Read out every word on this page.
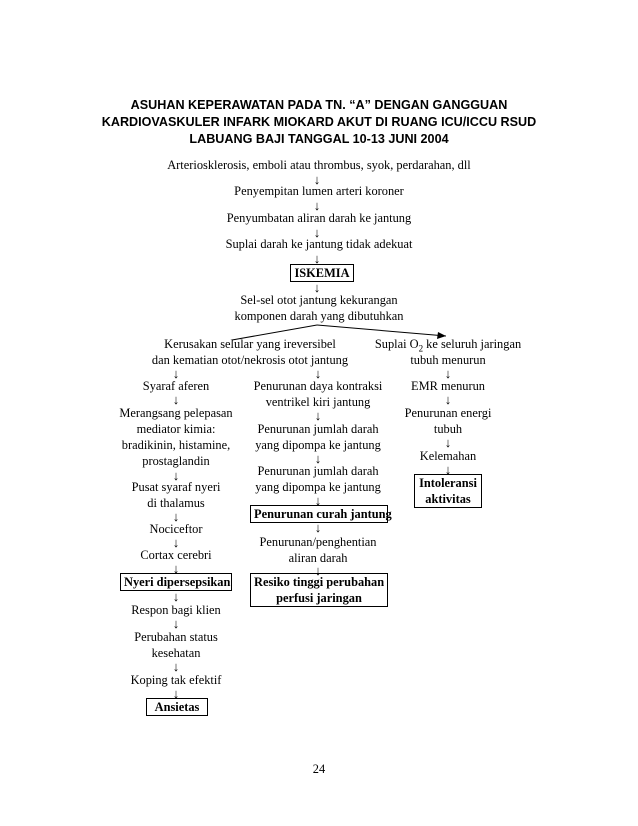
ASUHAN KEPERAWATAN PADA TN. “A” DENGAN GANGGUAN
KARDIOVASKULER INFARK MIOKARD AKUT DI RUANG ICU/ICCU RSUD
LABUANG BAJI TANGGAL 10-13 JUNI 2004
Arteriosklerosis, emboli atau thrombus, syok, perdarahan, dll
↓
Penyempitan lumen arteri koroner
↓
Penyumbatan aliran darah ke jantung
↓
Suplai darah ke jantung tidak adekuat
↓
ISKEMIA
↓
Sel-sel otot jantung kekurangan
komponen darah yang dibutuhkan
Kerusakan selular yang ireversibel
dan kematian otot/nekrosis otot jantung
Suplai $O_2$ ke seluruh jaringan
tubuh menurun
↓
Syaraf aferen
↓
Merangsang pelepasan
mediator kimia:
bradikinin, histamine,
prostaglandin
↓
Pusat syaraf nyeri
di thalamus
↓
Nociceftor
↓
Cortax cerebri
↓
Nyeri dipersepsikan
↓
Respon bagi klien
↓
Perubahan status
kesehatan
↓
Koping tak efektif
↓
Ansietas
↓
Penurunan daya kontraksi
ventrikel kiri jantung
↓
Penurunan jumlah darah
yang dipompa ke jantung
↓
Penurunan jumlah darah
yang dipompa ke jantung
↓
Penurunan curah jantung
↓
Penurunan/penghentian
aliran darah
↓
Resiko tinggi perubahan
perfusi jaringan
↓
EMR menurun
↓
Penurunan energi
tubuh
↓
Kelemahan
↓
Intoleransi
aktivitas
24
